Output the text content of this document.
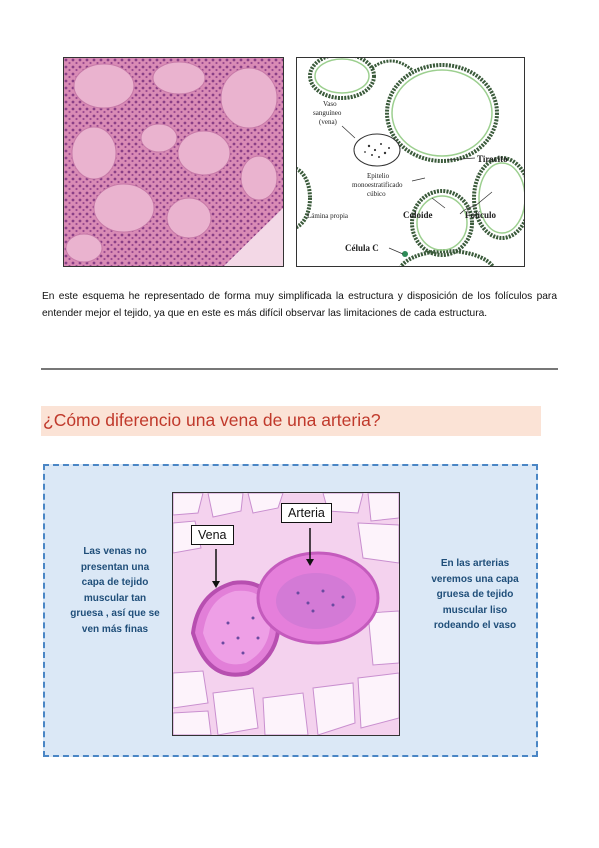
Vaso
sanguíneo
(vena)
Tirocito
Epitelio
monoestratificado
cúbico
Lámina propia	Coloide	Folículo
Célula C
En este esquema he representado de forma muy simplificada la estructura y disposición de los folículos para entender mejor el tejido, ya que en este es más difícil observar las limitaciones de cada estructura.
¿Cómo diferencio una vena de una arteria?
Las venas no presentan una capa de tejido muscular tan gruesa , así que se ven más finas
En las arterias veremos una capa gruesa de tejido muscular liso rodeando el vaso
Vena
Arteria
